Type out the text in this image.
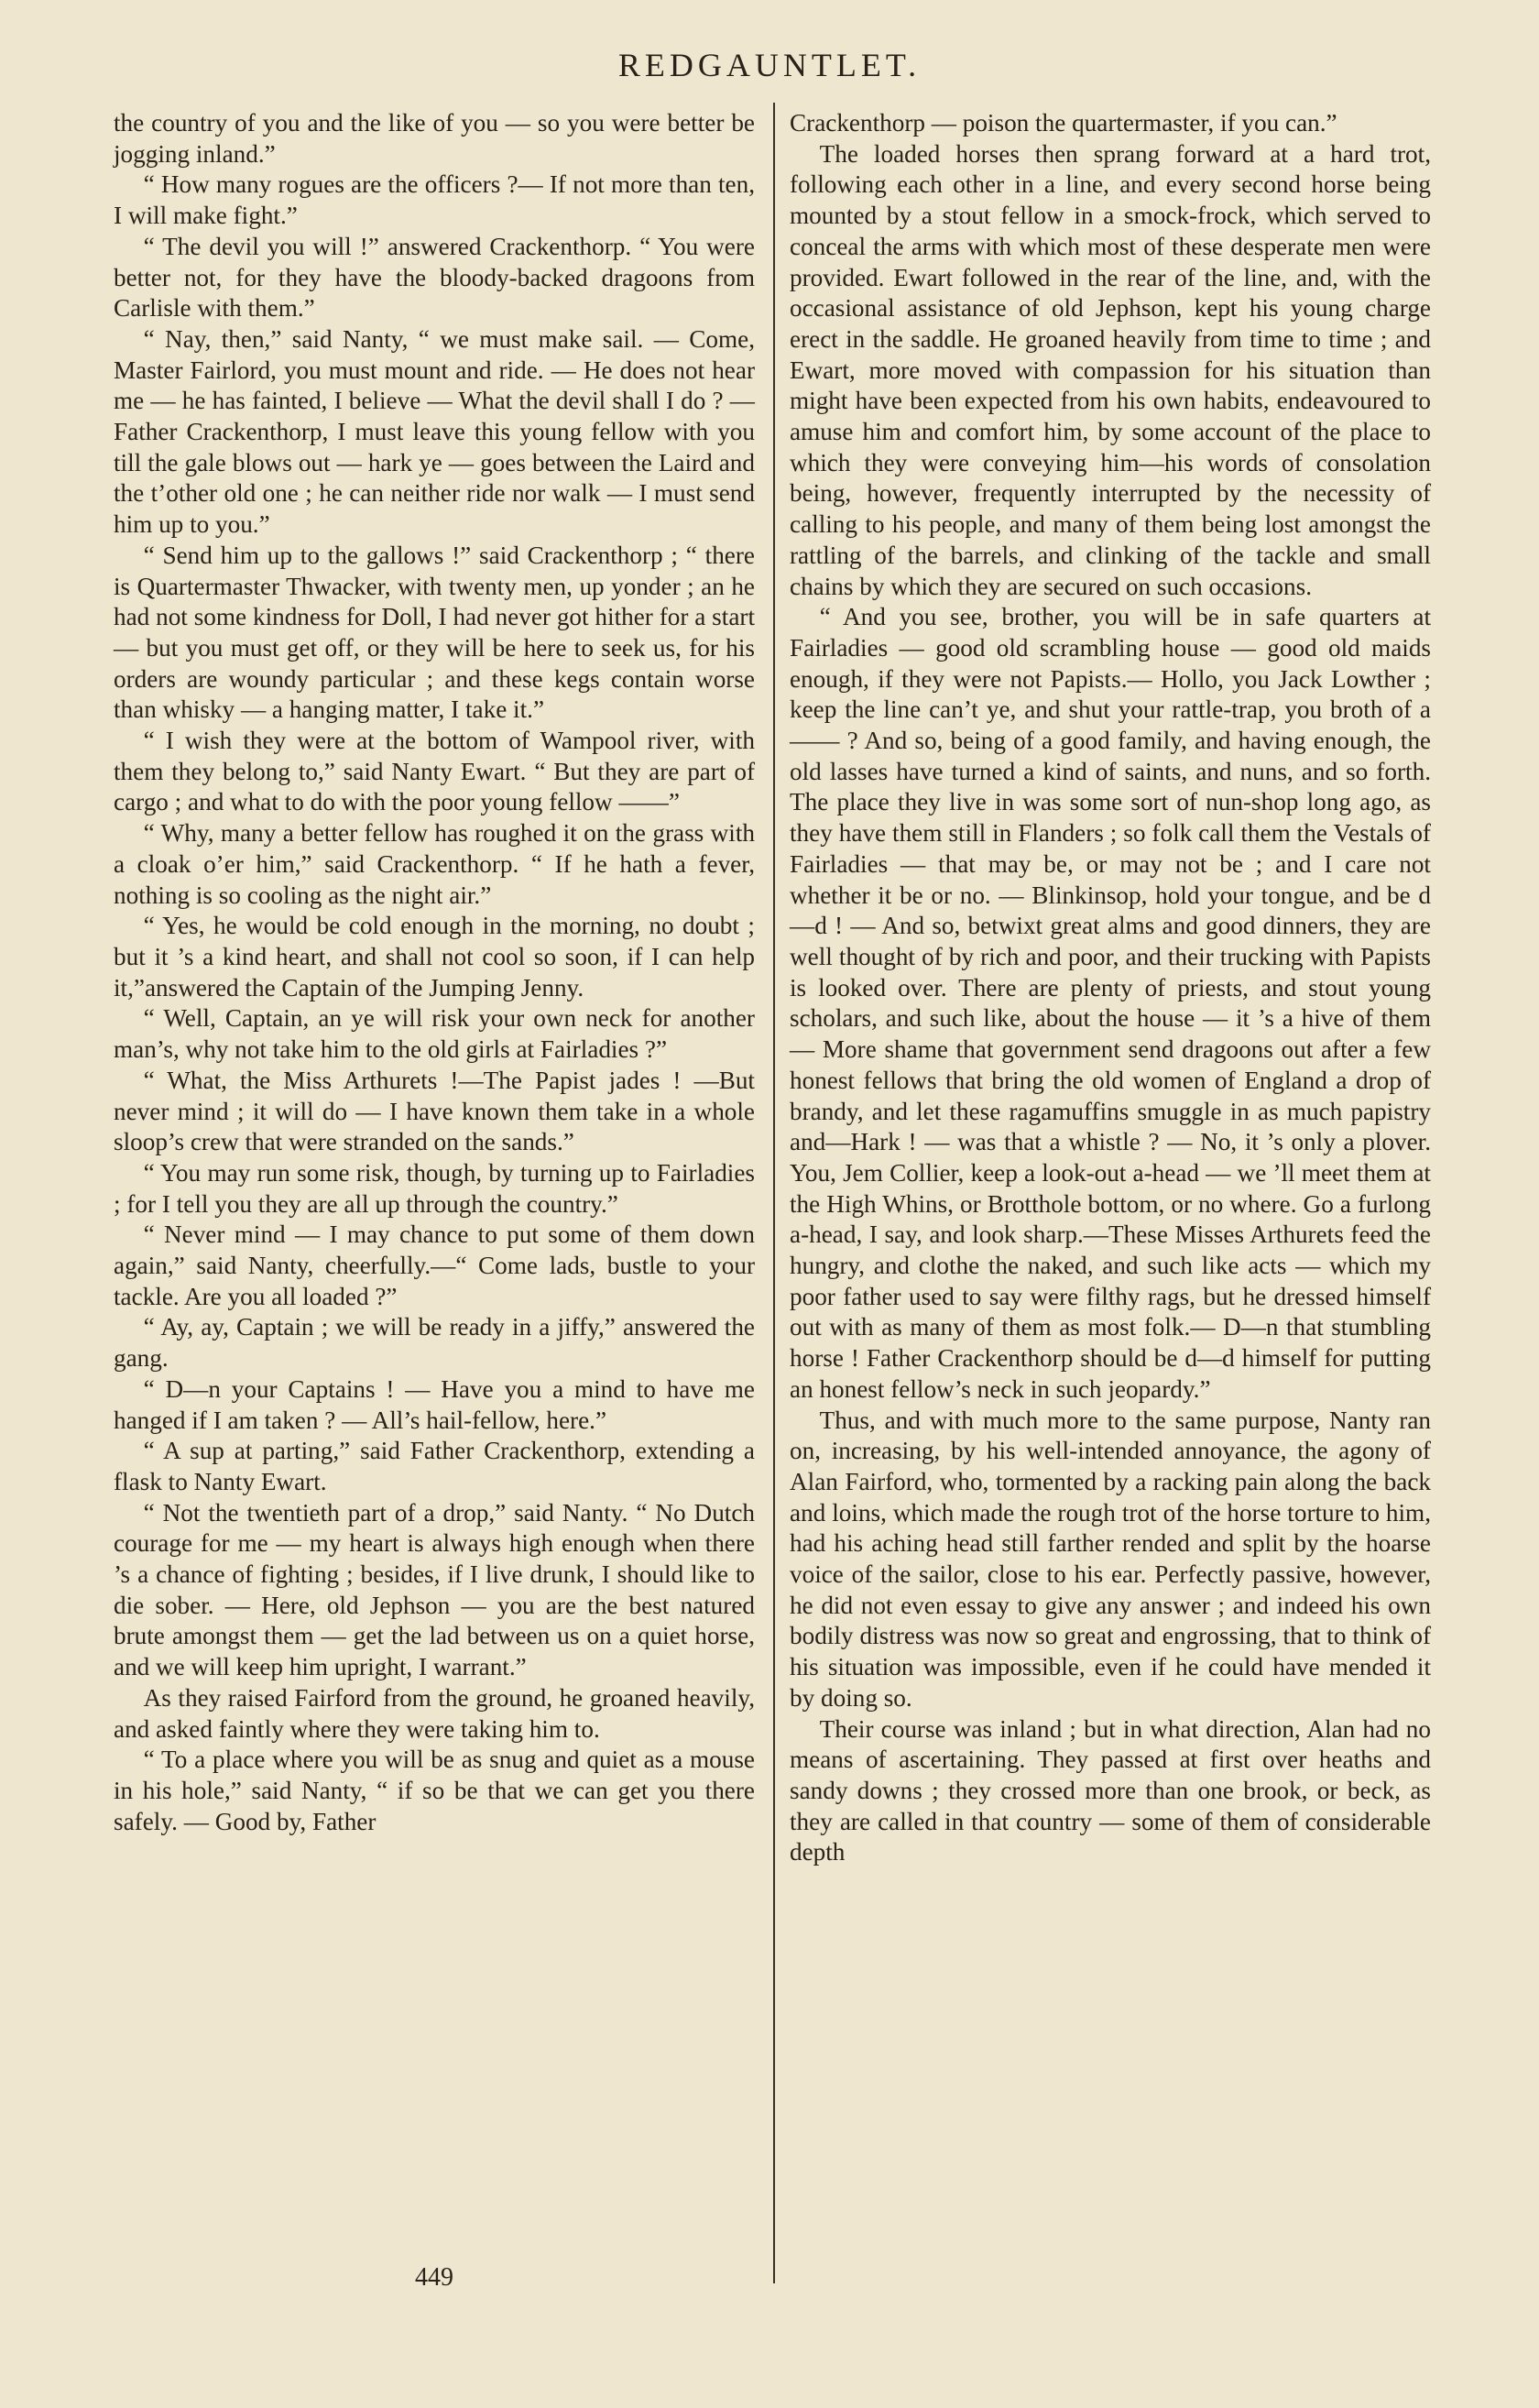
REDGAUNTLET.

the country of you and the like of you — so you were better be jogging inland.”

“ How many rogues are the officers ?— If not more than ten, I will make fight.”

“ The devil you will !” answered Crackenthorp. “ You were better not, for they have the bloody-backed dragoons from Carlisle with them.”

“ Nay, then,” said Nanty, “ we must make sail. — Come, Master Fairlord, you must mount and ride. — He does not hear me — he has fainted, I believe — What the devil shall I do ? — Father Crackenthorp, I must leave this young fellow with you till the gale blows out — hark ye — goes between the Laird and the t’other old one ; he can neither ride nor walk — I must send him up to you.”

“ Send him up to the gallows !” said Crackenthorp ; “ there is Quartermaster Thwacker, with twenty men, up yonder ; an he had not some kindness for Doll, I had never got hither for a start — but you must get off, or they will be here to seek us, for his orders are woundy particular ; and these kegs contain worse than whisky — a hanging matter, I take it.”

“ I wish they were at the bottom of Wampool river, with them they belong to,” said Nanty Ewart. “ But they are part of cargo ; and what to do with the poor young fellow ——”

“ Why, many a better fellow has roughed it on the grass with a cloak o’er him,” said Crackenthorp. “ If he hath a fever, nothing is so cooling as the night air.”

“ Yes, he would be cold enough in the morning, no doubt ; but it ’s a kind heart, and shall not cool so soon, if I can help it,”answered the Captain of the Jumping Jenny.

“ Well, Captain, an ye will risk your own neck for another man’s, why not take him to the old girls at Fairladies ?”

“ What, the Miss Arthurets !—The Papist jades ! —But never mind ; it will do — I have known them take in a whole sloop’s crew that were stranded on the sands.”

“ You may run some risk, though, by turning up to Fairladies ; for I tell you they are all up through the country.”

“ Never mind — I may chance to put some of them down again,” said Nanty, cheerfully.—“ Come lads, bustle to your tackle. Are you all loaded ?”

“ Ay, ay, Captain ; we will be ready in a jiffy,” answered the gang.

“ D—n your Captains ! — Have you a mind to have me hanged if I am taken ? — All’s hail-fellow, here.”

“ A sup at parting,” said Father Crackenthorp, extending a flask to Nanty Ewart.

“ Not the twentieth part of a drop,” said Nanty. “ No Dutch courage for me — my heart is always high enough when there ’s a chance of fighting ; besides, if I live drunk, I should like to die sober. — Here, old Jephson — you are the best natured brute amongst them — get the lad between us on a quiet horse, and we will keep him upright, I warrant.”

As they raised Fairford from the ground, he groaned heavily, and asked faintly where they were taking him to.

“ To a place where you will be as snug and quiet as a mouse in his hole,” said Nanty, “ if so be that we can get you there safely. — Good by, Father

Crackenthorp — poison the quartermaster, if you can.”

The loaded horses then sprang forward at a hard trot, following each other in a line, and every second horse being mounted by a stout fellow in a smock-frock, which served to conceal the arms with which most of these desperate men were provided. Ewart followed in the rear of the line, and, with the occasional assistance of old Jephson, kept his young charge erect in the saddle. He groaned heavily from time to time ; and Ewart, more moved with compassion for his situation than might have been expected from his own habits, endeavoured to amuse him and comfort him, by some account of the place to which they were conveying him—his words of consolation being, however, frequently interrupted by the necessity of calling to his people, and many of them being lost amongst the rattling of the barrels, and clinking of the tackle and small chains by which they are secured on such occasions.

“ And you see, brother, you will be in safe quarters at Fairladies — good old scrambling house — good old maids enough, if they were not Papists.— Hollo, you Jack Lowther ; keep the line can’t ye, and shut your rattle-trap, you broth of a —— ? And so, being of a good family, and having enough, the old lasses have turned a kind of saints, and nuns, and so forth. The place they live in was some sort of nun-shop long ago, as they have them still in Flanders ; so folk call them the Vestals of Fairladies — that may be, or may not be ; and I care not whether it be or no. — Blinkinsop, hold your tongue, and be d—d ! — And so, betwixt great alms and good dinners, they are well thought of by rich and poor, and their trucking with Papists is looked over. There are plenty of priests, and stout young scholars, and such like, about the house — it ’s a hive of them — More shame that government send dragoons out after a few honest fellows that bring the old women of England a drop of brandy, and let these ragamuffins smuggle in as much papistry and—Hark ! — was that a whistle ? — No, it ’s only a plover. You, Jem Collier, keep a look-out a-head — we ’ll meet them at the High Whins, or Brotthole bottom, or no where. Go a furlong a-head, I say, and look sharp.—These Misses Arthurets feed the hungry, and clothe the naked, and such like acts — which my poor father used to say were filthy rags, but he dressed himself out with as many of them as most folk.— D—n that stumbling horse ! Father Crackenthorp should be d—d himself for putting an honest fellow’s neck in such jeopardy.”

Thus, and with much more to the same purpose, Nanty ran on, increasing, by his well-intended annoyance, the agony of Alan Fairford, who, tormented by a racking pain along the back and loins, which made the rough trot of the horse torture to him, had his aching head still farther rended and split by the hoarse voice of the sailor, close to his ear. Perfectly passive, however, he did not even essay to give any answer ; and indeed his own bodily distress was now so great and engrossing, that to think of his situation was impossible, even if he could have mended it by doing so.

Their course was inland ; but in what direction, Alan had no means of ascertaining. They passed at first over heaths and sandy downs ; they crossed more than one brook, or beck, as they are called in that country — some of them of considerable depth

449
